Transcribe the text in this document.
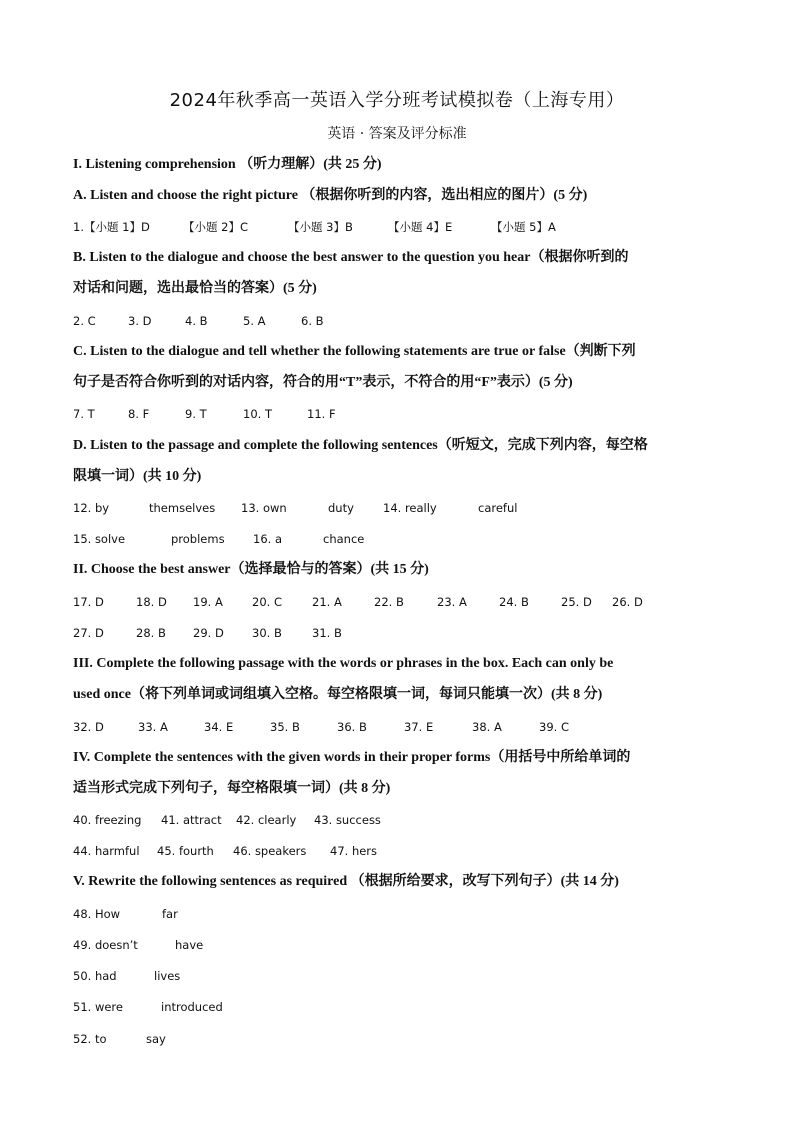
2024年秋季高一英语入学分班考试模拟卷（上海专用）
英语 · 答案及评分标准
I. Listening comprehension （听力理解）(共 25 分)
A. Listen and choose the right picture （根据你听到的内容，选出相应的图片）(5 分)
1.【小题 1】D	【小题 2】C	【小题 3】B	【小题 4】E	【小题 5】A
B. Listen to the dialogue and choose the best answer to the question you hear（根据你听到的
对话和问题，选出最恰当的答案）(5 分)
2. C	3. D	4. B	5. A	6. B
C. Listen to the dialogue and tell whether the following statements are true or false（判断下列
句子是否符合你听到的对话内容，符合的用“T”表示，不符合的用“F”表示）(5 分)
7. T	8. F	9. T	10. T	11. F
D. Listen to the passage and complete the following sentences（听短文，完成下列内容，每空格
限填一词）(共 10 分)
12. by	themselves 13. own	duty	14. really	careful
15. solve	problems 16. a	chance
II. Choose the best answer（选择最恰与的答案）(共 15 分)
17. D	18. D 19. A	20. C	21. A	22. B	23. A	24. B	25. D 26. D
27. D	28. B 29. D 30. B	31. B
III. Complete the following passage with the words or phrases in the box. Each can only be
used once（将下列单词或词组填入空格。每空格限填一词，每词只能填一次）(共 8 分)
32. D	33. A	34. E	35. B	36. B	37. E	38. A	39. C
IV. Complete the sentences with the given words in their proper forms（用括号中所给单词的
适当形式完成下列句子，每空格限填一词）(共 8 分)
40. freezing 41. attract 42. clearly 43. success
44. harmful 45. fourth 46. speakers 47. hers
V. Rewrite the following sentences as required （根据所给要求，改写下列句子）(共 14 分)
48. How	far
49. doesn’t	have
50. had	lives
51. were	introduced
52. to	say
